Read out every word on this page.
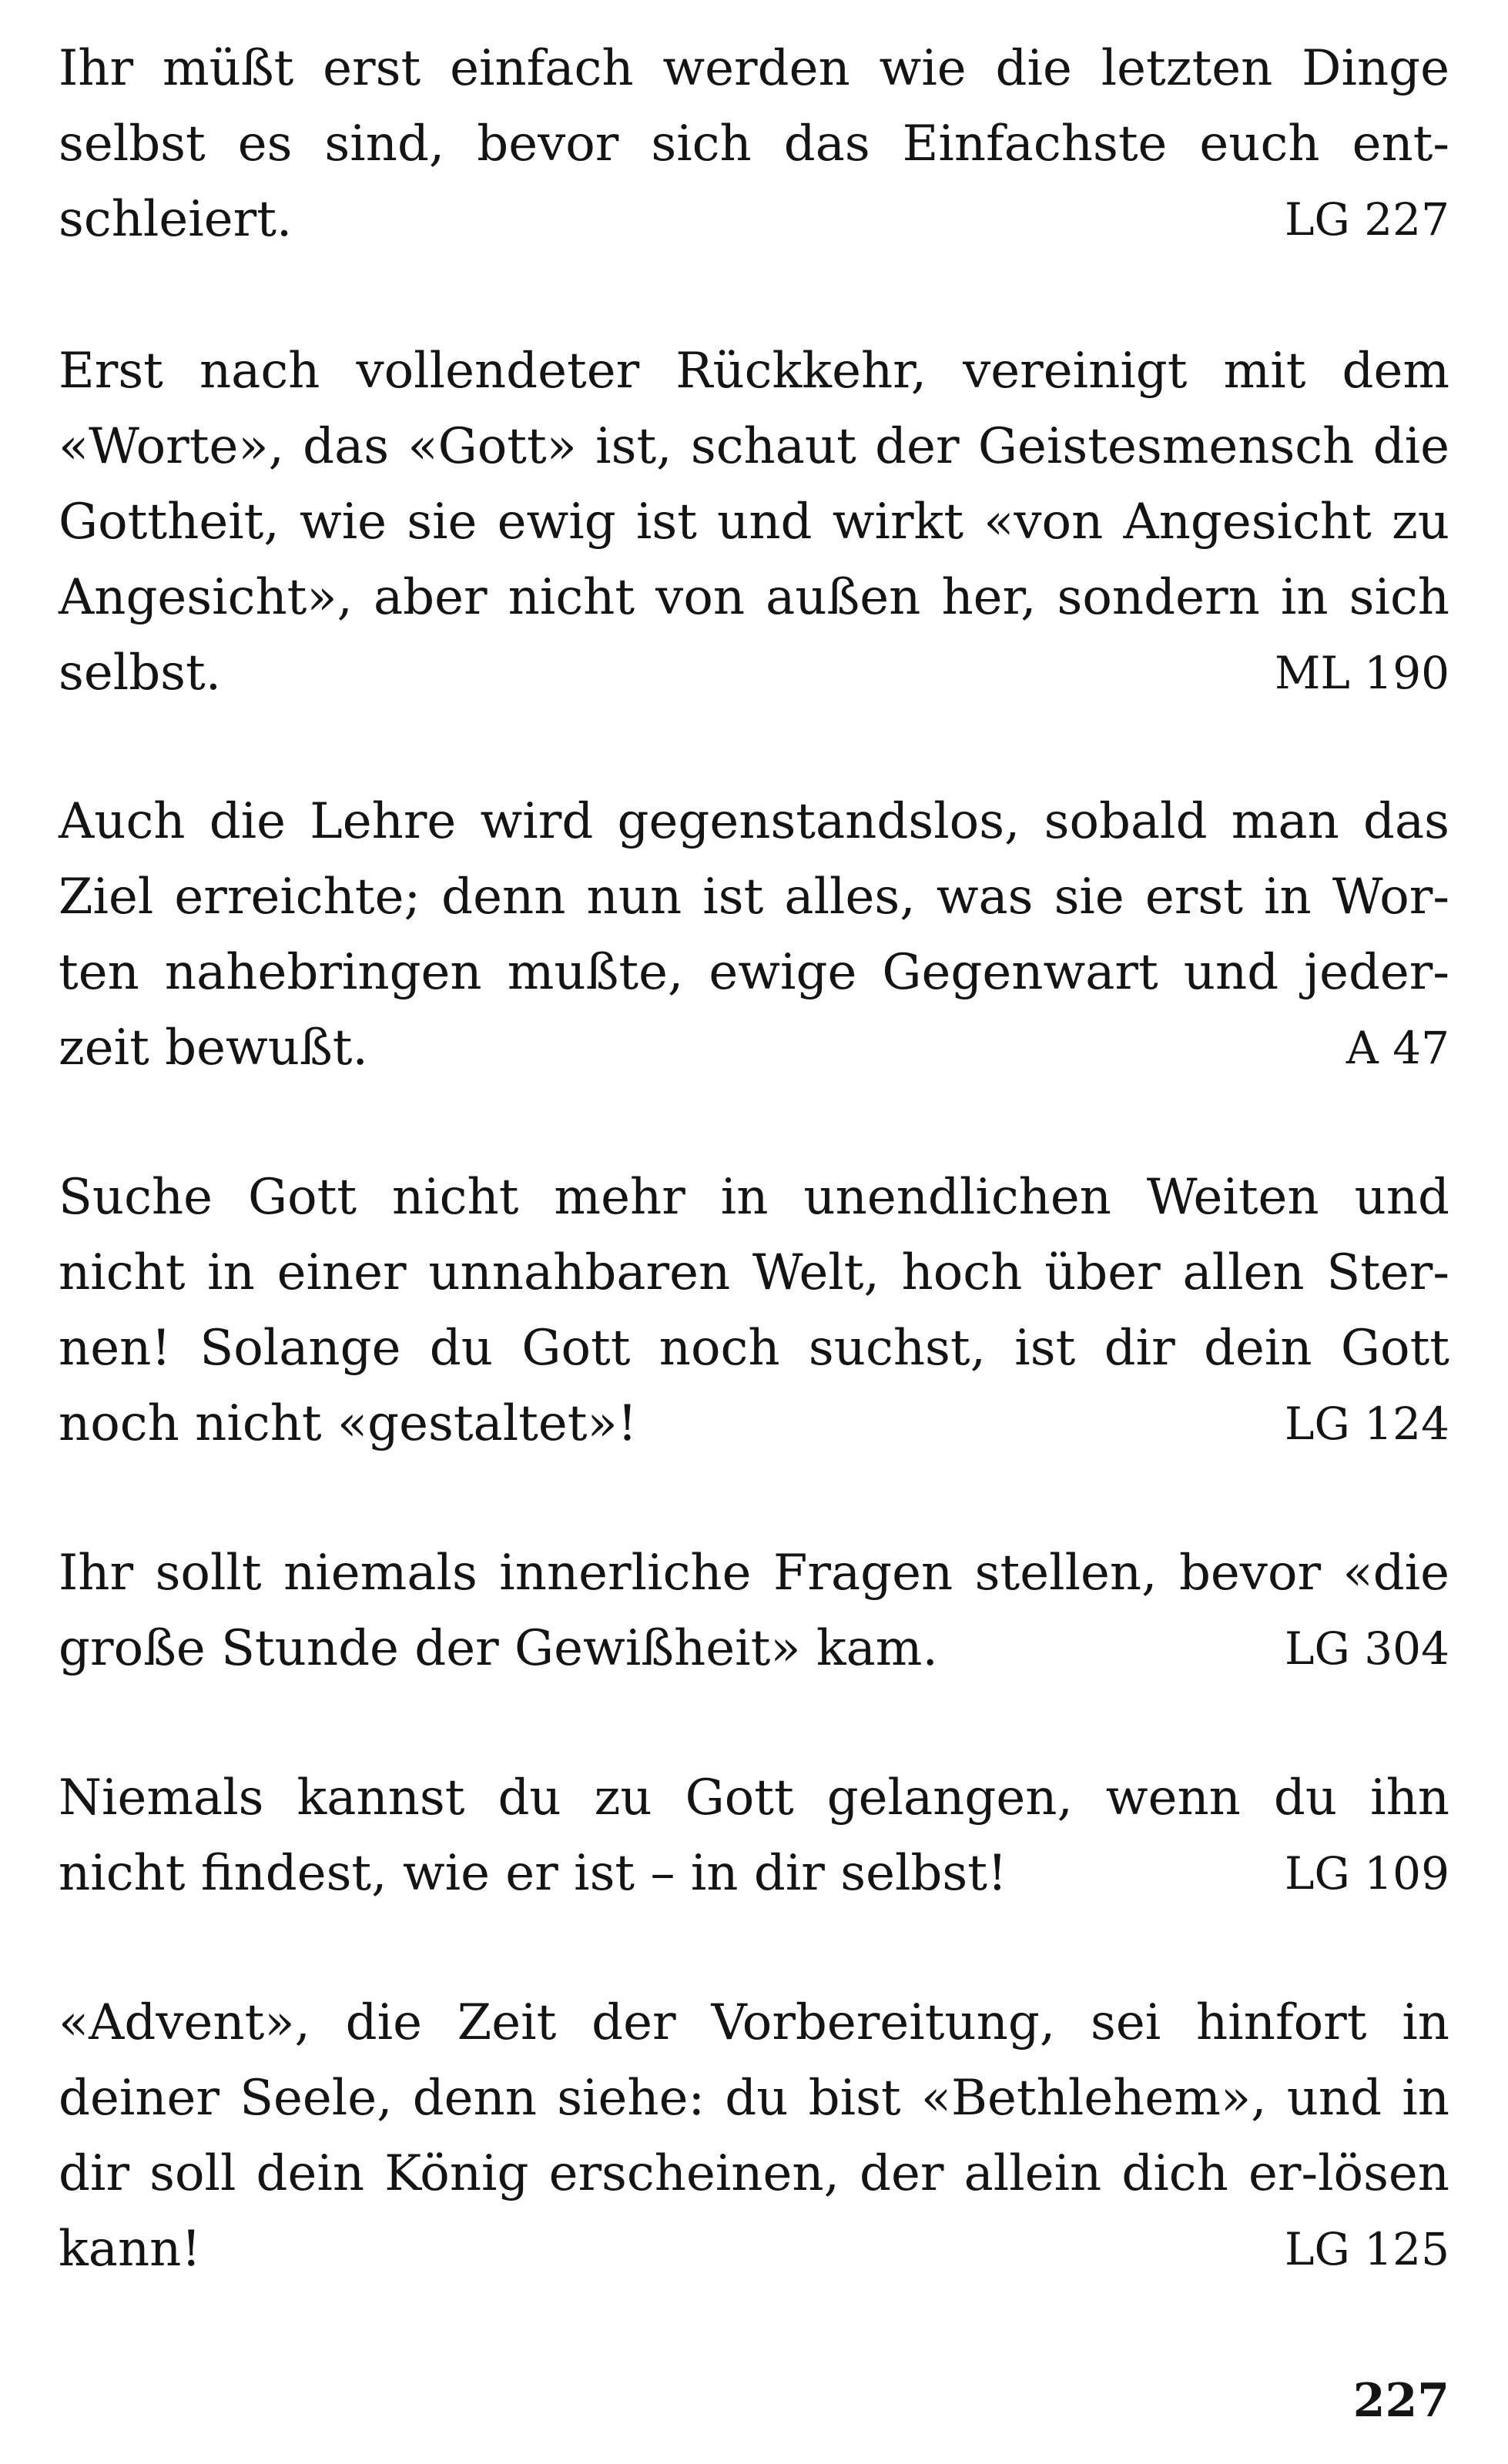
Ihr müßt erst einfach werden wie die letzten Dinge selbst es sind, bevor sich das Einfachste euch entschleiert.	LG 227

Erst nach vollendeter Rückkehr, vereinigt mit dem «Worte», das «Gott» ist, schaut der Geistesmensch die Gottheit, wie sie ewig ist und wirkt «von Angesicht zu Angesicht», aber nicht von außen her, sondern in sich selbst.	ML 190

Auch die Lehre wird gegenstandslos, sobald man das Ziel erreichte; denn nun ist alles, was sie erst in Worten nahebringen mußte, ewige Gegenwart und jederzeit bewußt.	A 47

Suche Gott nicht mehr in unendlichen Weiten und nicht in einer unnahbaren Welt, hoch über allen Sternen! Solange du Gott noch suchst, ist dir dein Gott noch nicht «gestaltet»!	LG 124

Ihr sollt niemals innerliche Fragen stellen, bevor «die große Stunde der Gewißheit» kam.	LG 304

Niemals kannst du zu Gott gelangen, wenn du ihn nicht findest, wie er ist – in dir selbst!	LG 109

«Advent», die Zeit der Vorbereitung, sei hinfort in deiner Seele, denn siehe: du bist «Bethlehem», und in dir soll dein König erscheinen, der allein dich er-lösen kann!	LG 125
227
